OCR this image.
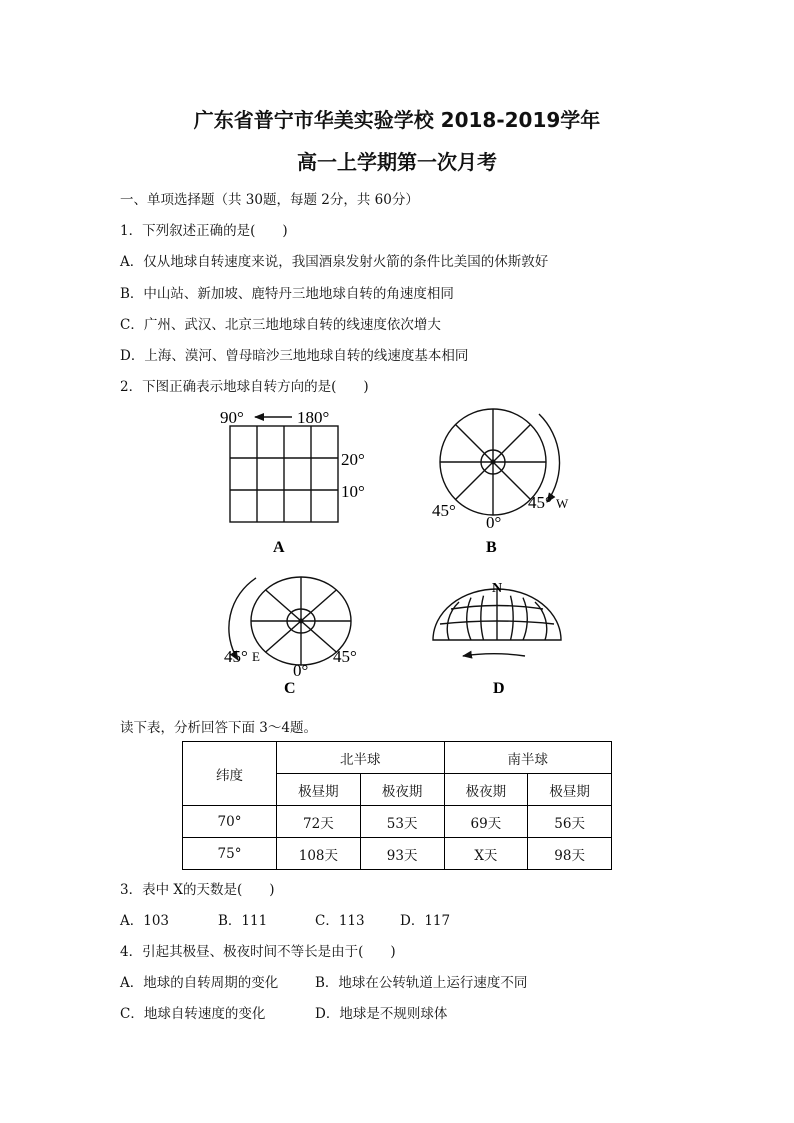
广东省普宁市华美实验学校 2018-2019学年
高一上学期第一次月考
一、单项选择题（共 30题，每题 2分，共 60分）
1．下列叙述正确的是(　　)
A．仅从地球自转速度来说，我国酒泉发射火箭的条件比美国的休斯敦好
B．中山站、新加坡、鹿特丹三地地球自转的角速度相同
C．广州、武汉、北京三地地球自转的线速度依次增大
D．上海、漠河、曾母暗沙三地地球自转的线速度基本相同
2．下图正确表示地球自转方向的是(　　)
90°	180°
20°
10°
A
45°
0°
45° W
B
45° E
0°
45°
C
N
D
读下表，分析回答下面 3～4题。
纬度	北半球		南半球	
	极昼期	极夜期	极夜期	极昼期
70°	72天	53天	69天	56天
75°	108天	93天	X天	98天
3．表中 X的天数是(　　)
A．103	B．111	C．113	D．117
4．引起其极昼、极夜时间不等长是由于(　　)
A．地球的自转周期的变化	B．地球在公转轨道上运行速度不同
C．地球自转速度的变化	D．地球是不规则球体
